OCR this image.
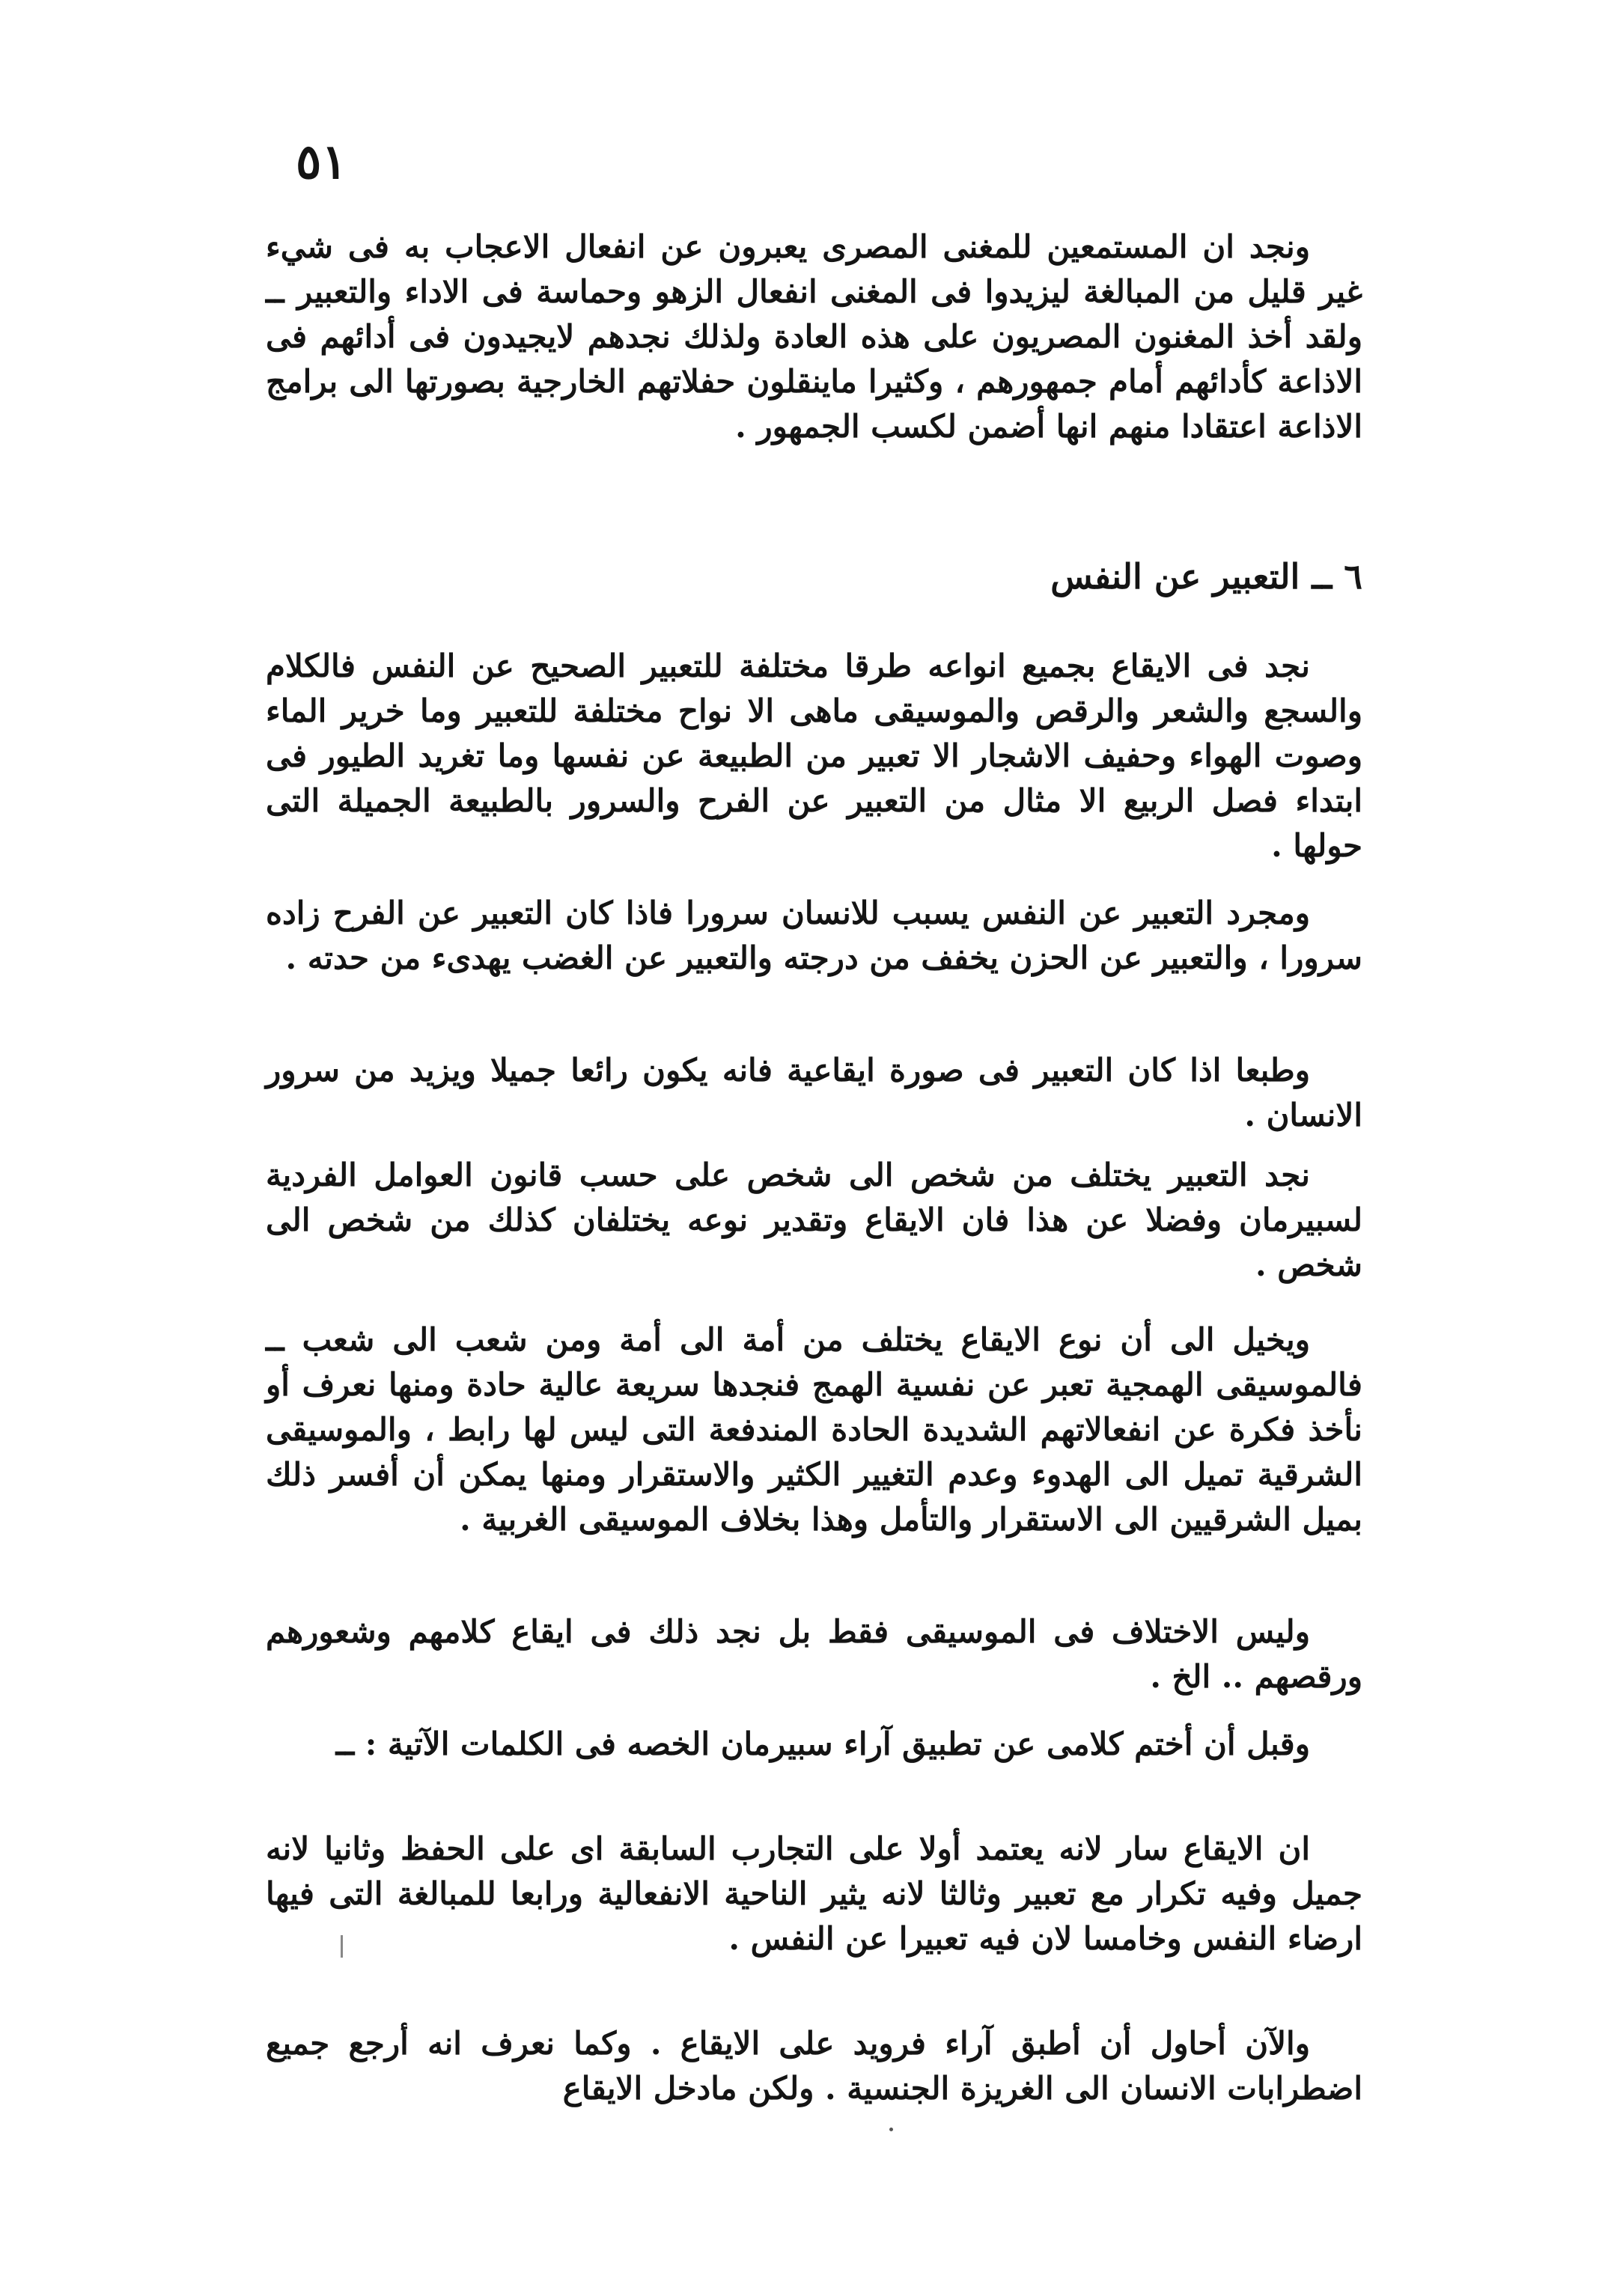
٥١

ونجد ان المستمعين للمغنى المصرى يعبرون عن انفعال الاعجاب به فى شيء غير قليل من المبالغة ليزيدوا فى المغنى انفعال الزهو وحماسة فى الاداء والتعبير ــ ولقد أخذ المغنون المصريون على هذه العادة ولذلك نجدهم لايجيدون فى أدائهم فى الاذاعة كأدائهم أمام جمهورهم ، وكثيرا ماينقلون حفلاتهم الخارجية بصورتها الى برامج الاذاعة اعتقادا منهم انها أضمن لكسب الجمهور .

٦ ــ التعبير عن النفس

نجد فى الايقاع بجميع انواعه طرقا مختلفة للتعبير الصحيح عن النفس فالكلام والسجع والشعر والرقص والموسيقى ماهى الا نواح مختلفة للتعبير وما خرير الماء وصوت الهواء وحفيف الاشجار الا تعبير من الطبيعة عن نفسها وما تغريد الطيور فى ابتداء فصل الربيع الا مثال من التعبير عن الفرح والسرور بالطبيعة الجميلة التى حولها .

ومجرد التعبير عن النفس يسبب للانسان سرورا فاذا كان التعبير عن الفرح زاده سرورا ، والتعبير عن الحزن يخفف من درجته والتعبير عن الغضب يهدىء من حدته .

وطبعا اذا كان التعبير فى صورة ايقاعية فانه يكون رائعا جميلا ويزيد من سرور الانسان .

نجد التعبير يختلف من شخص الى شخص على حسب قانون العوامل الفردية لسبيرمان وفضلا عن هذا فان الايقاع وتقدير نوعه يختلفان كذلك من شخص الى شخص .

ويخيل الى أن نوع الايقاع يختلف من أمة الى أمة ومن شعب الى شعب ــ فالموسيقى الهمجية تعبر عن نفسية الهمج فنجدها سريعة عالية حادة ومنها نعرف أو نأخذ فكرة عن انفعالاتهم الشديدة الحادة المندفعة التى ليس لها رابط ، والموسيقى الشرقية تميل الى الهدوء وعدم التغيير الكثير والاستقرار ومنها يمكن أن أفسر ذلك بميل الشرقيين الى الاستقرار والتأمل وهذا بخلاف الموسيقى الغربية .

وليس الاختلاف فى الموسيقى فقط بل نجد ذلك فى ايقاع كلامهم وشعورهم ورقصهم .. الخ .

وقبل أن أختم كلامى عن تطبيق آراء سبيرمان الخصه فى الكلمات الآتية : ــ

ان الايقاع سار لانه يعتمد أولا على التجارب السابقة اى على الحفظ وثانيا لانه جميل وفيه تكرار مع تعبير وثالثا لانه يثير الناحية الانفعالية ورابعا للمبالغة التى فيها ارضاء النفس وخامسا لان فيه تعبيرا عن النفس .

والآن أحاول أن أطبق آراء فرويد على الايقاع . وكما نعرف انه أرجع جميع اضطرابات الانسان الى الغريزة الجنسية . ولكن مادخل الايقاع
